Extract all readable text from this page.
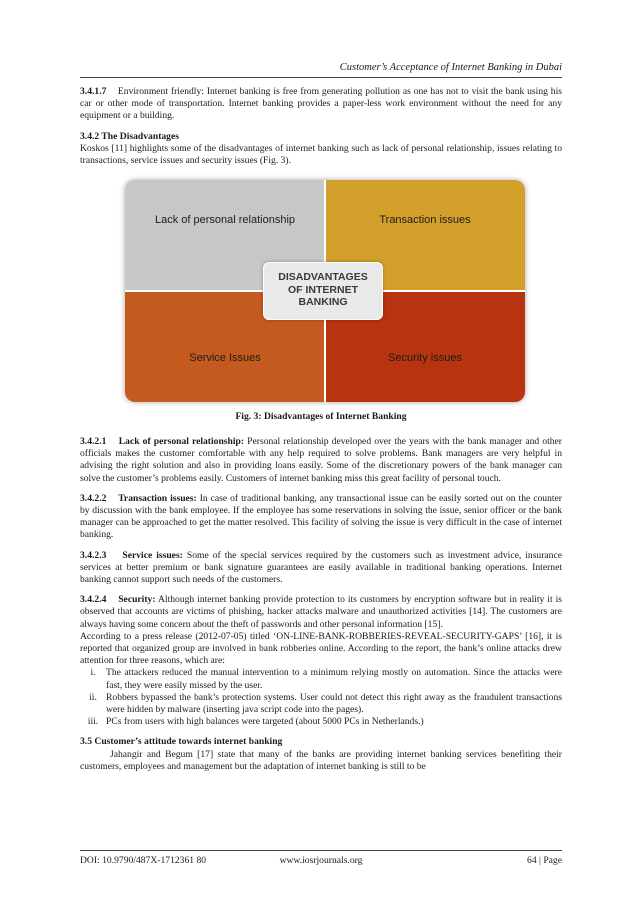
Customer’s Acceptance of Internet Banking in Dubai

3.4.1.7 Environment friendly: Internet banking is free from generating pollution as one has not to visit the bank using his car or other mode of transportation. Internet banking provides a paper-less work environment without the need for any equipment or a building.

3.4.2 The Disadvantages

Koskos [11] highlights some of the disadvantages of internet banking such as lack of personal relationship, issues relating to transactions, service issues and security issues (Fig. 3).

Lack of personal relationship	Transaction issues
Service Issues	Security issues
DISADVANTAGES
OF INTERNET
BANKING
Fig. 3: Disadvantages of Internet Banking

3.4.2.1 Lack of personal relationship: Personal relationship developed over the years with the bank manager and other officials makes the customer comfortable with any help required to solve problems. Bank managers are very helpful in advising the right solution and also in providing loans easily. Some of the discretionary powers of the bank manager can solve the customer’s problems easily. Customers of internet banking miss this great facility of personal touch.

3.4.2.2 Transaction issues: In case of traditional banking, any transactional issue can be easily sorted out on the counter by discussion with the bank employee. If the employee has some reservations in solving the issue, senior officer or the bank manager can be approached to get the matter resolved. This facility of solving the issue is very difficult in the case of internet banking.

3.4.2.3 Service issues: Some of the special services required by the customers such as investment advice, insurance services at better premium or bank signature guarantees are easily available in traditional banking operations. Internet banking cannot support such needs of the customers.

3.4.2.4 Security: Although internet banking provide protection to its customers by encryption software but in reality it is observed that accounts are victims of phishing, hacker attacks malware and unauthorized activities [14]. The customers are always having some concern about the theft of passwords and other personal information [15].

According to a press release (2012-07-05) titled ‘ON-LINE-BANK-ROBBERIES-REVEAL-SECURITY-GAPS’ [16], it is reported that organized group are involved in bank robberies online. According to the report, the bank’s online attacks drew attention for three reasons, which are:

i.	The attackers reduced the manual intervention to a minimum relying mostly on automation. Since the attacks were fast, they were easily missed by the user.
ii. Robbers bypassed the bank’s protection systems. User could not detect this right away as the fraudulent transactions were hidden by malware (inserting java script code into the pages).
iii. PCs from users with high balances were targeted (about 5000 PCs in Netherlands.)

3.5 Customer’s attitude towards internet banking

Jahangir and Begum [17] state that many of the banks are providing internet banking services benefiting their customers, employees and management but the adaptation of internet banking is still to be

DOI: 10.9790/487X-1712361 80	www.iosrjournals.org	64 | Page
